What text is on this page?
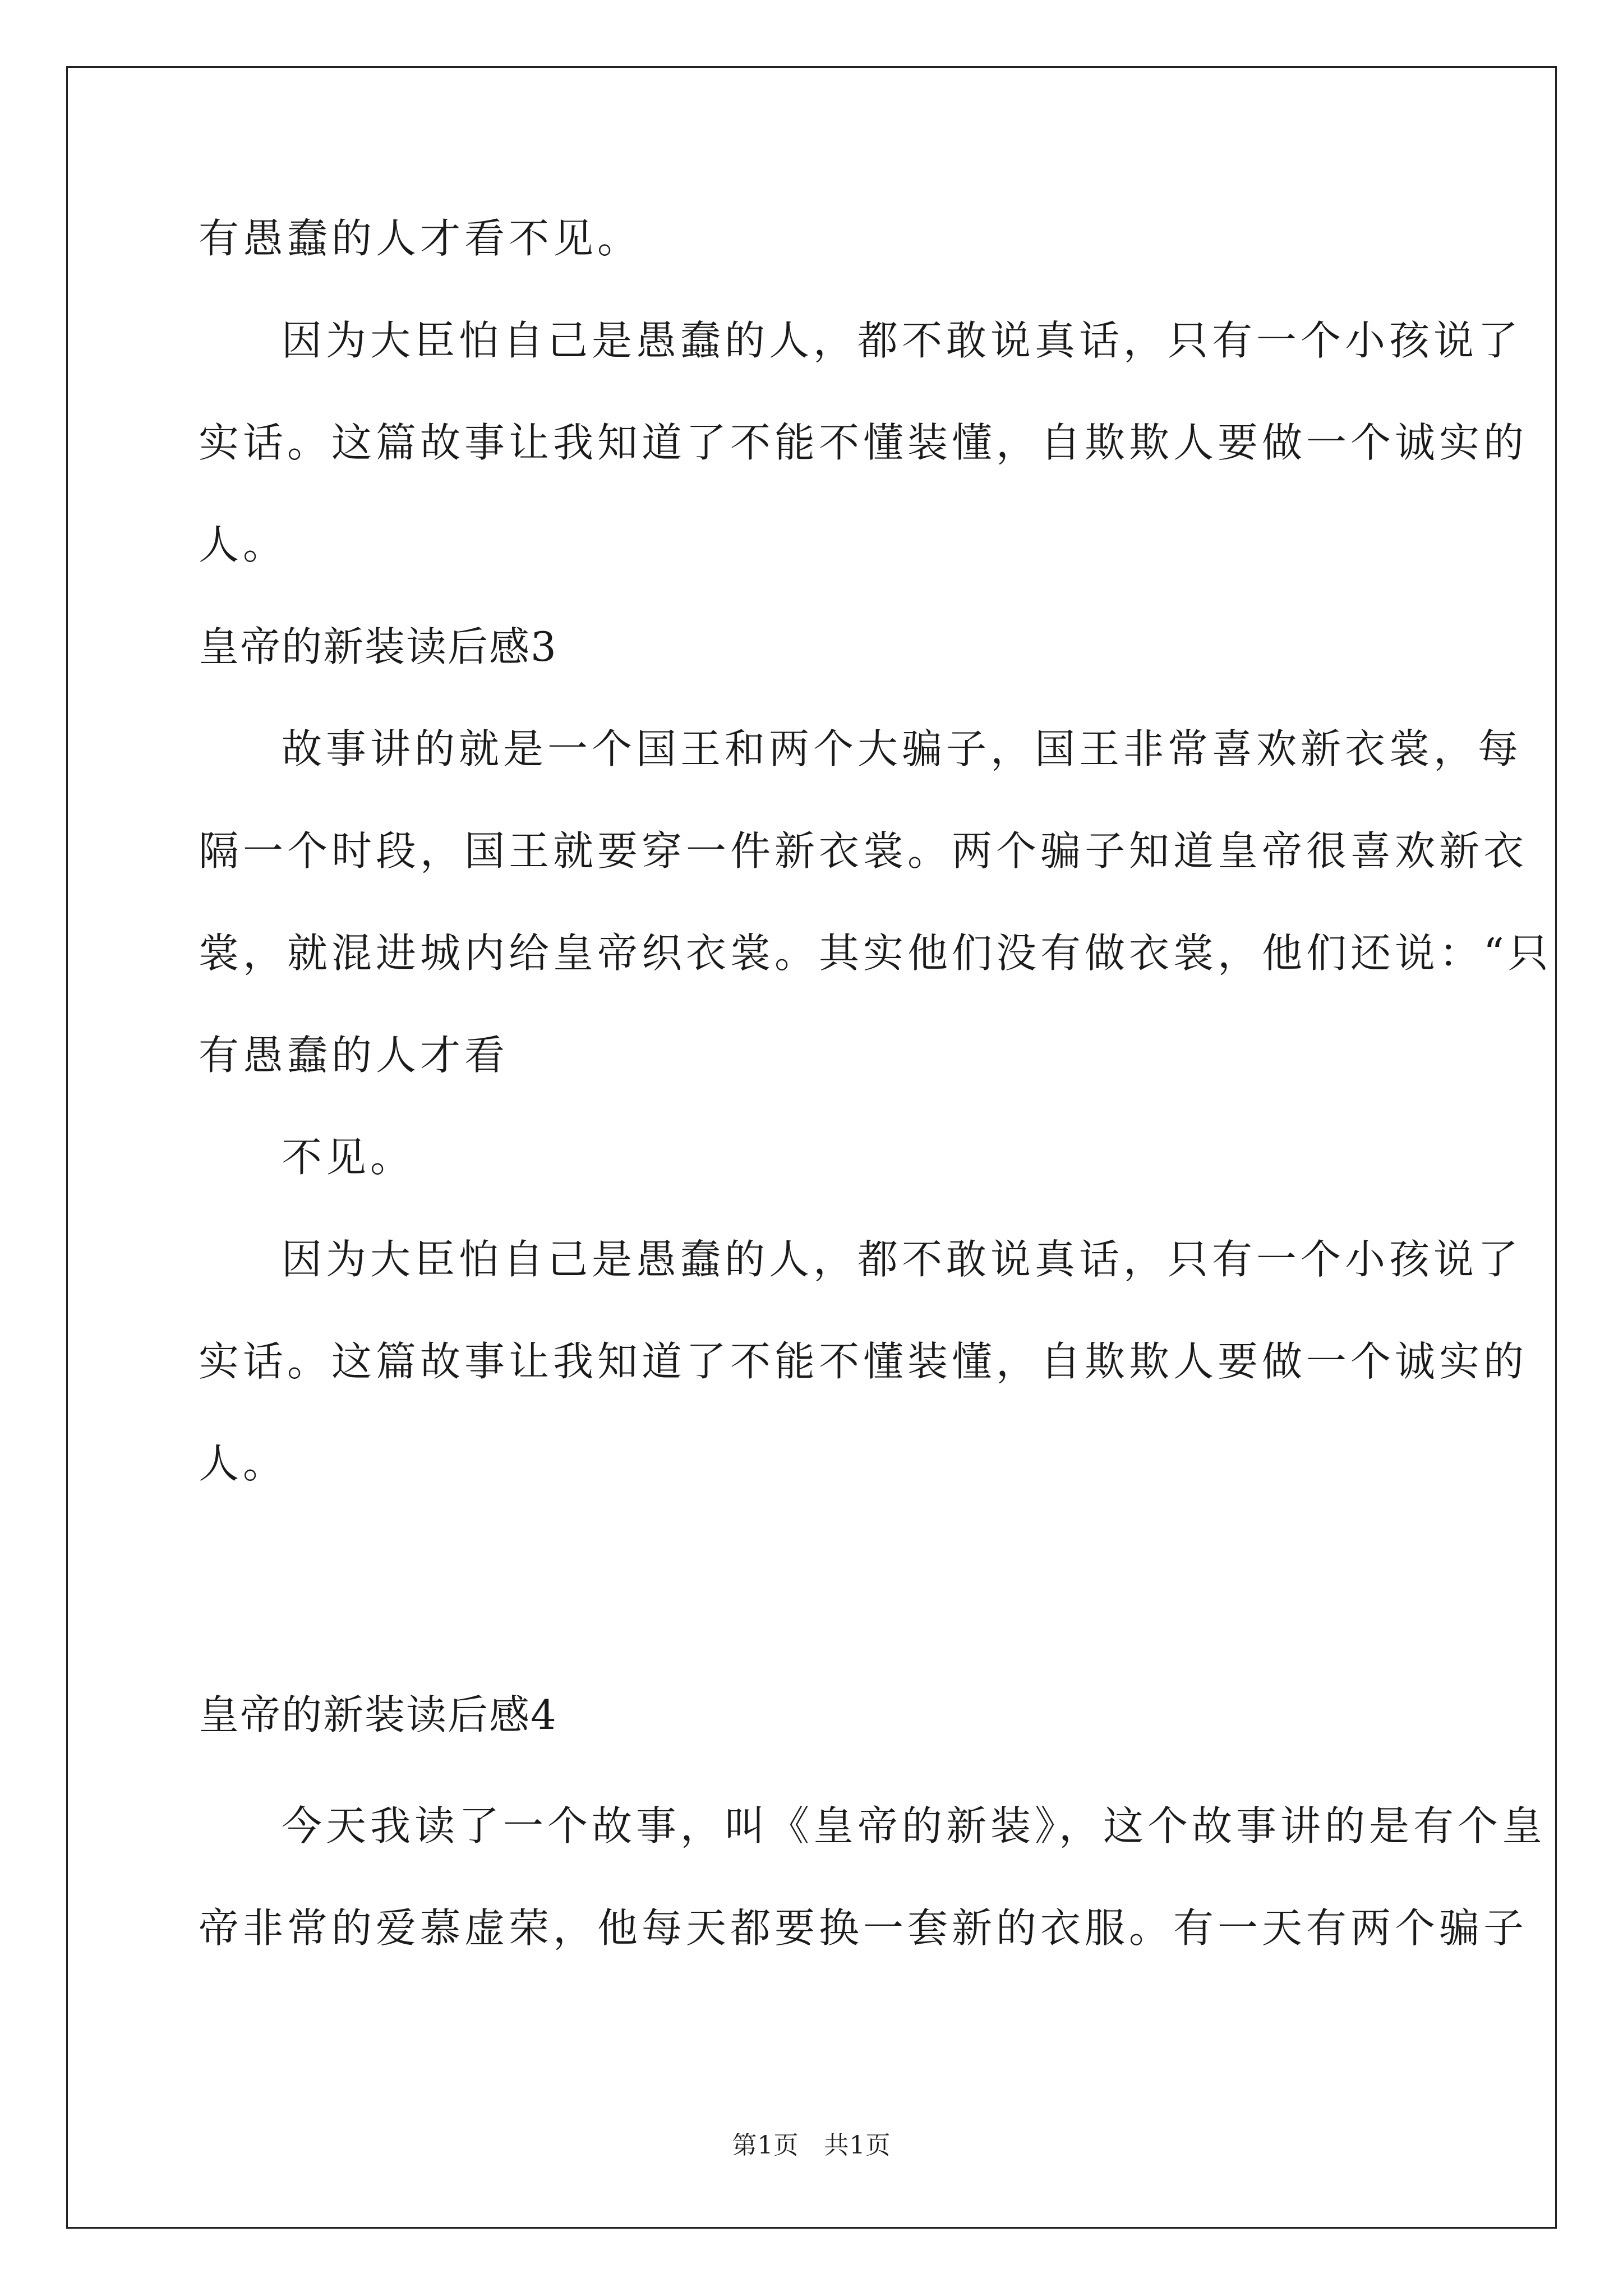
有愚蠢的人才看不见。
因为大臣怕自己是愚蠢的人，都不敢说真话，只有一个小孩说了
实话。这篇故事让我知道了不能不懂装懂，自欺欺人要做一个诚实的
人。
皇帝的新装读后感3
故事讲的就是一个国王和两个大骗子，国王非常喜欢新衣裳，每
隔一个时段，国王就要穿一件新衣裳。两个骗子知道皇帝很喜欢新衣
裳，就混进城内给皇帝织衣裳。其实他们没有做衣裳，他们还说：“只
有愚蠢的人才看
不见。
因为大臣怕自己是愚蠢的人，都不敢说真话，只有一个小孩说了
实话。这篇故事让我知道了不能不懂装懂，自欺欺人要做一个诚实的
人。
皇帝的新装读后感4
今天我读了一个故事，叫《皇帝的新装》，这个故事讲的是有个皇
帝非常的爱慕虚荣，他每天都要换一套新的衣服。有一天有两个骗子
第1页　共1页
